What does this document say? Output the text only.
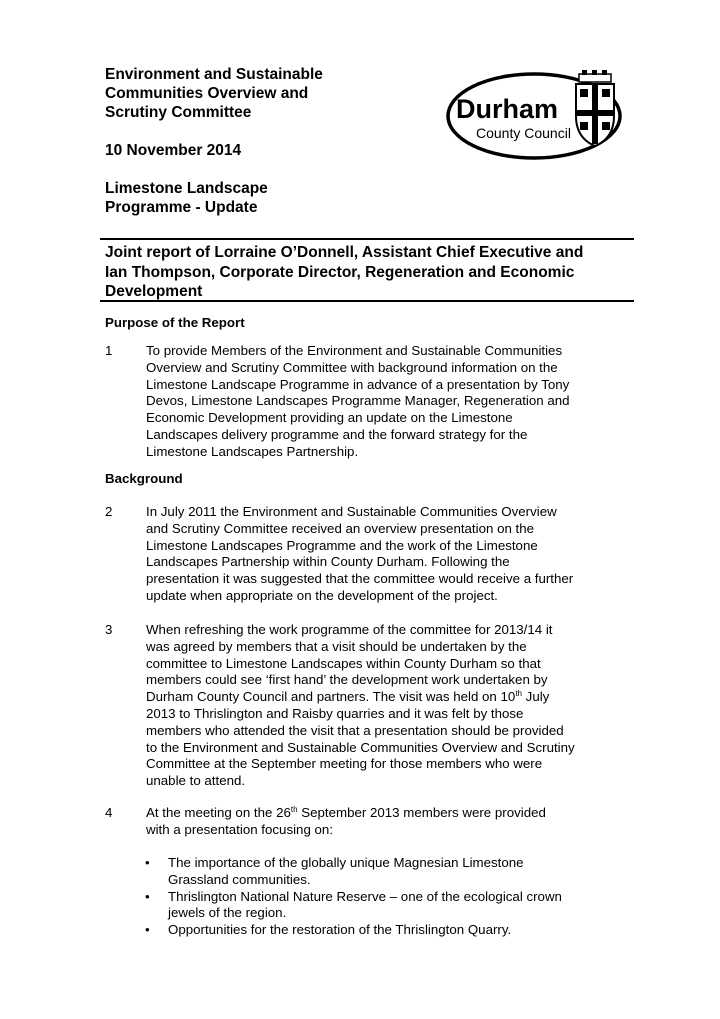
Environment and Sustainable
Communities Overview and
Scrutiny Committee
10 November 2014
Limestone Landscape
Programme - Update
Durham
County Council
Joint report of Lorraine O’Donnell, Assistant Chief Executive and
Ian Thompson, Corporate Director, Regeneration and Economic
Development
Purpose of the Report
1	To provide Members of the Environment and Sustainable Communities
Overview and Scrutiny Committee with background information on the
Limestone Landscape Programme in advance of a presentation by Tony
Devos, Limestone Landscapes Programme Manager, Regeneration and
Economic Development providing an update on the Limestone
Landscapes delivery programme and the forward strategy for the
Limestone Landscapes Partnership.
Background
2	In July 2011 the Environment and Sustainable Communities Overview
and Scrutiny Committee received an overview presentation on the
Limestone Landscapes Programme and the work of the Limestone
Landscapes Partnership within County Durham. Following the
presentation it was suggested that the committee would receive a further
update when appropriate on the development of the project.
3	When refreshing the work programme of the committee for 2013/14 it
was agreed by members that a visit should be undertaken by the
committee to Limestone Landscapes within County Durham so that
members could see ‘first hand’ the development work undertaken by
Durham County Council and partners. The visit was held on 10th July
2013 to Thrislington and Raisby quarries and it was felt by those
members who attended the visit that a presentation should be provided
to the Environment and Sustainable Communities Overview and Scrutiny
Committee at the September meeting for those members who were
unable to attend.
4	At the meeting on the 26th September 2013 members were provided
with a presentation focusing on:
• The importance of the globally unique Magnesian Limestone
Grassland communities.
• Thrislington National Nature Reserve – one of the ecological crown
jewels of the region.
• Opportunities for the restoration of the Thrislington Quarry.
